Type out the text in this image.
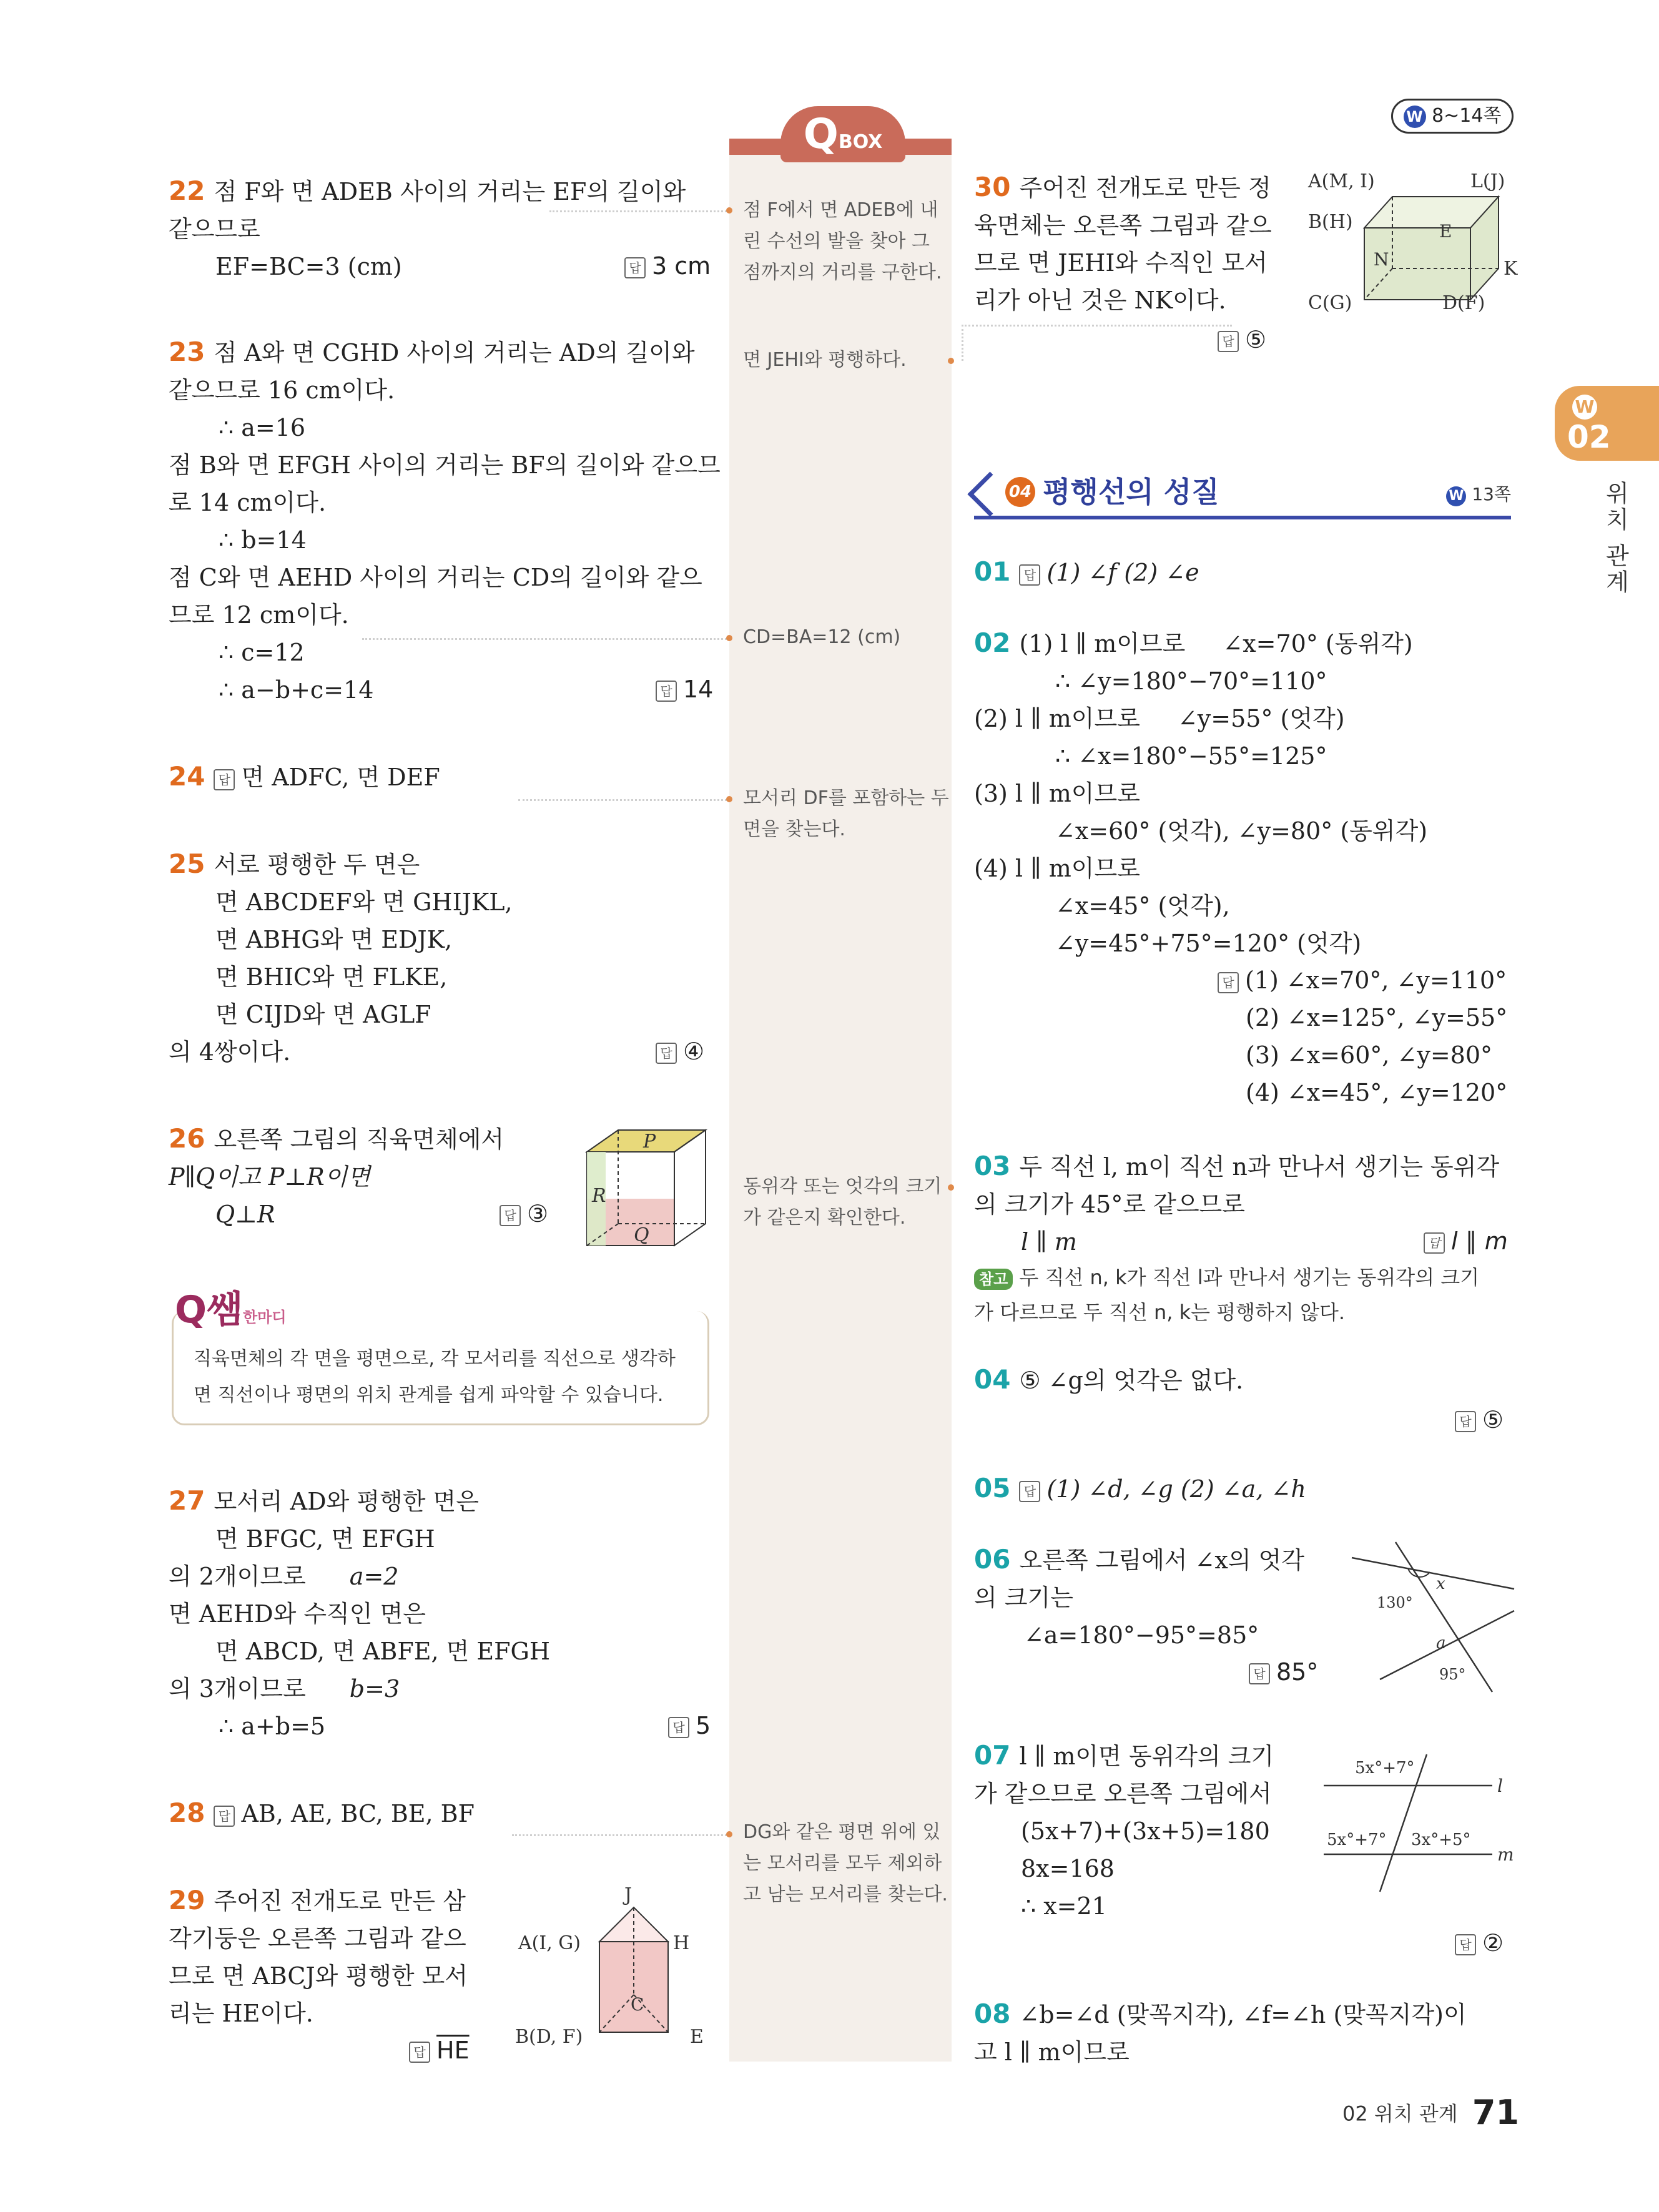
QBOX
W 8~14쪽
W
02
위치 관계
22 점 F와 면 ADEB 사이의 거리는 EF의 길이와
같으므로
EF=BC=3 (cm)	답 3 cm
23 점 A와 면 CGHD 사이의 거리는 AD의 길이와
같으므로 16 cm이다.
∴ a=16
점 B와 면 EFGH 사이의 거리는 BF의 길이와 같으므
로 14 cm이다.
∴ b=14
점 C와 면 AEHD 사이의 거리는 CD의 길이와 같으
므로 12 cm이다.
∴ c=12
∴ a−b+c=14	답 14
24 답 면 ADFC, 면 DEF
25 서로 평행한 두 면은
면 ABCDEF와 면 GHIJKL,
면 ABHG와 면 EDJK,
면 BHIC와 면 FLKE,
면 CIJD와 면 AGLF
의 4쌍이다.	답 ④
26 오른쪽 그림의 직육면체에서
P∥Q이고 P⊥R이면
Q⊥R	답 ③
P
R
Q
Q쌤한마디
직육면체의 각 면을 평면으로, 각 모서리를 직선으로 생각하
면 직선이나 평면의 위치 관계를 쉽게 파악할 수 있습니다.
27 모서리 AD와 평행한 면은
면 BFGC, 면 EFGH
의 2개이므로 a=2
면 AEHD와 수직인 면은
면 ABCD, 면 ABFE, 면 EFGH
의 3개이므로 b=3
∴ a+b=5	답 5
28 답 AB, AE, BC, BE, BF
29 주어진 전개도로 만든 삼
각기둥은 오른쪽 그림과 같으
므로 면 ABCJ와 평행한 모서
리는 HE이다.
답 $\overline{HE}$
J
H
A(I, G)
C
B(D, F)	E
점 F에서 면 ADEB에 내린 수선의 발을 찾아 그 점까지의 거리를 구한다.
면 JEHI와 평행하다.
CD=BA=12 (cm)
모서리 DF를 포함하는 두 면을 찾는다.
동위각 또는 엇각의 크기가 같은지 확인한다.
DG와 같은 평면 위에 있는 모서리를 모두 제외하고 남는 모서리를 찾는다.
30 주어진 전개도로 만든 정
육면체는 오른쪽 그림과 같으
므로 면 JEHI와 수직인 모서
리가 아닌 것은 NK이다.
답 ⑤
A(M, I)	L(J)
B(H)	E
N	K
C(G)	D(F)
04 평행선의 성질	W 13쪽
01 답 (1) ∠f (2) ∠e
02 (1) l ∥ m이므로 ∠x=70° (동위각)
∴ ∠y=180°−70°=110°
(2) l ∥ m이므로 ∠y=55° (엇각)
∴ ∠x=180°−55°=125°
(3) l ∥ m이므로
∠x=60° (엇각), ∠y=80° (동위각)
(4) l ∥ m이므로
∠x=45° (엇각),
∠y=45°+75°=120° (엇각)
답 (1) ∠x=70°, ∠y=110°
(2) ∠x=125°, ∠y=55°
(3) ∠x=60°, ∠y=80°
(4) ∠x=45°, ∠y=120°
03 두 직선 l, m이 직선 n과 만나서 생기는 동위각
의 크기가 45°로 같으므로
l ∥ m	답 l ∥ m
참고 두 직선 n, k가 직선 l과 만나서 생기는 동위각의 크기
가 다르므로 두 직선 n, k는 평행하지 않다.
04 ⑤ ∠g의 엇각은 없다.
답 ⑤
05 답 (1) ∠d, ∠g (2) ∠a, ∠h
06 오른쪽 그림에서 ∠x의 엇각
의 크기는
∠a=180°−95°=85°
답 85°
x
130°
a
95°
07 l ∥ m이면 동위각의 크기
가 같으므로 오른쪽 그림에서
(5x+7)+(3x+5)=180
8x=168
∴ x=21
답 ②
5x°+7°
l
5x°+7° 3x°+5°
m
08 ∠b=∠d (맞꼭지각), ∠f=∠h (맞꼭지각)이
고 l ∥ m이므로
02 위치 관계 71
